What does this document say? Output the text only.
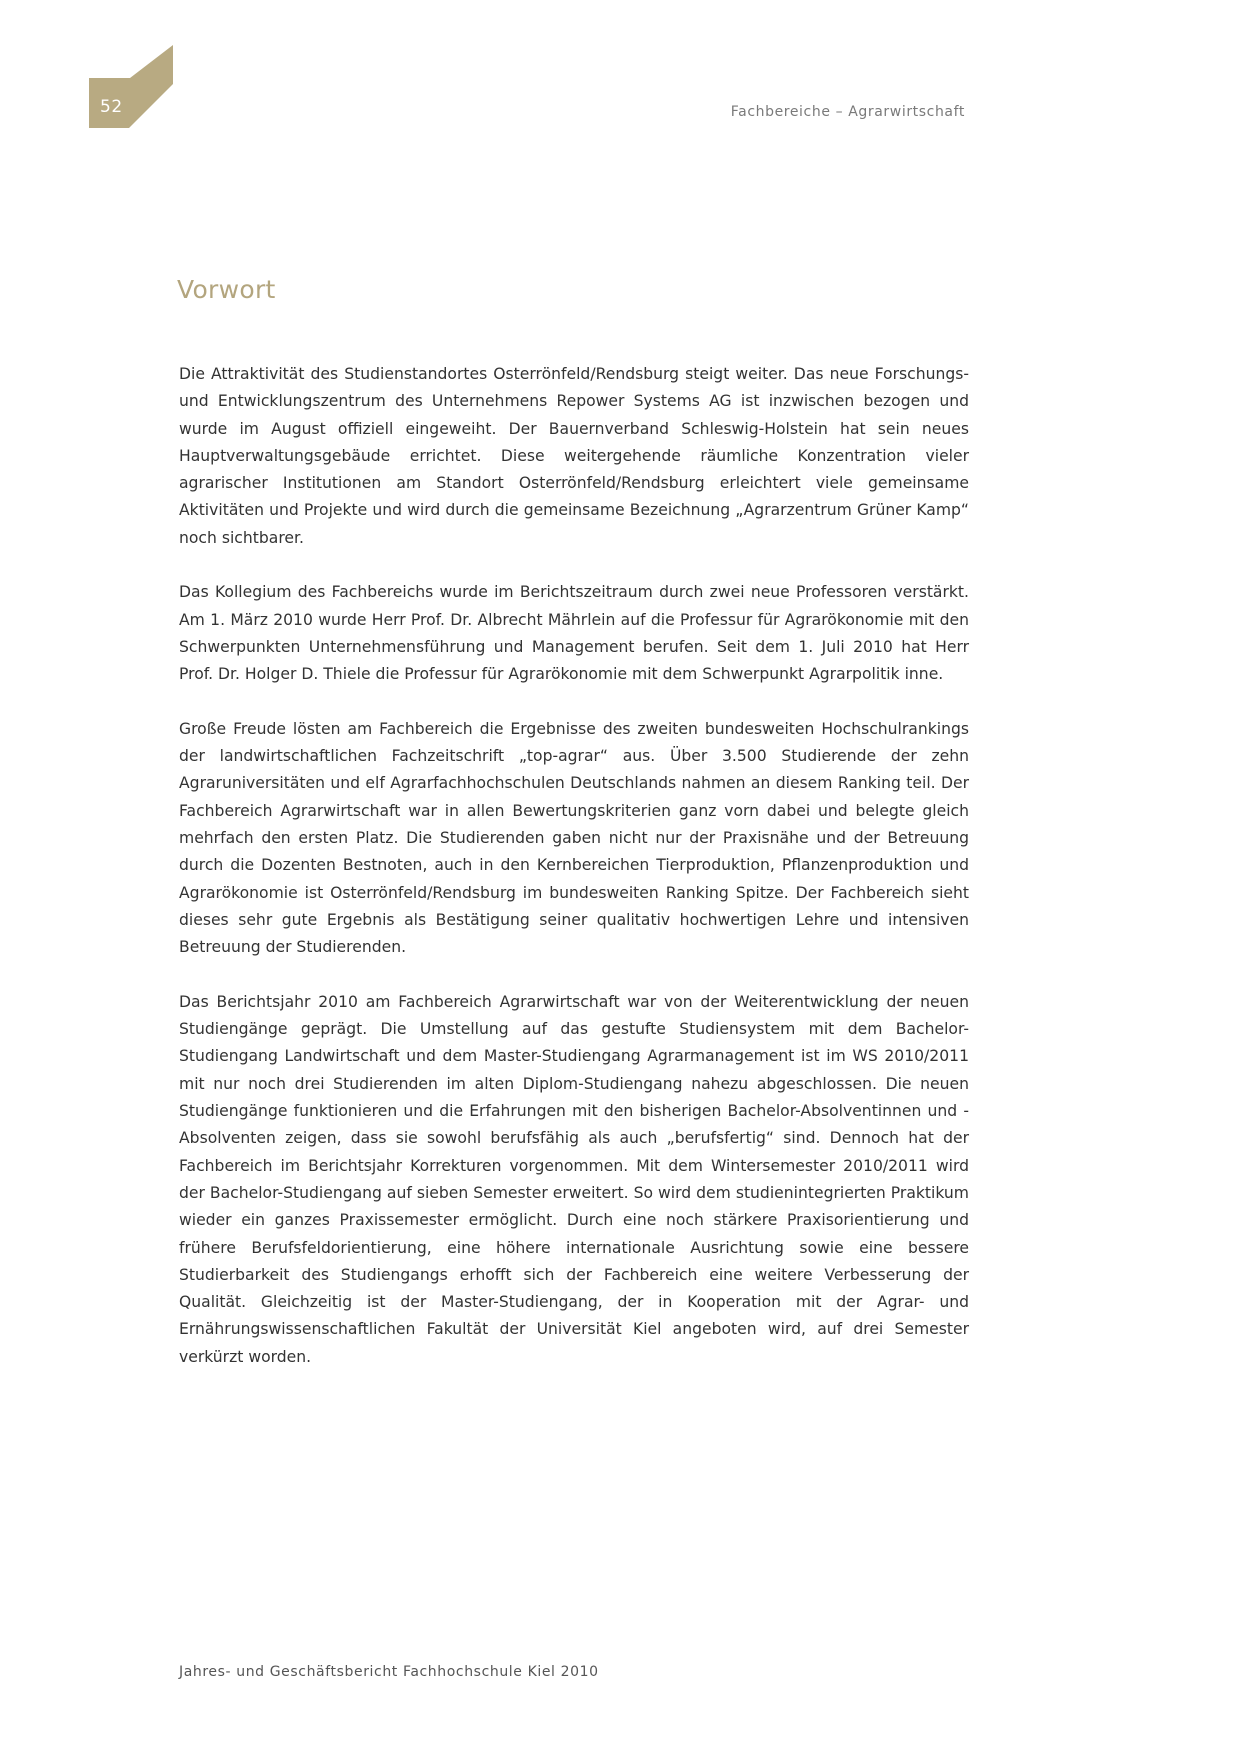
52	Fachbereiche – Agrarwirtschaft
Vorwort

Die Attraktivität des Studienstandortes Osterrönfeld/Rendsburg steigt weiter. Das neue Forschungs- und Entwicklungszentrum des Unternehmens Repower Systems AG ist inzwischen bezogen und wurde im August offiziell eingeweiht. Der Bauernverband Schleswig-Holstein hat sein neues Hauptverwaltungsgebäude errichtet. Diese weitergehende räumliche Konzentration vieler agrarischer Institutionen am Standort Osterrönfeld/Rendsburg erleichtert viele gemeinsame Aktivitäten und Projekte und wird durch die gemeinsame Bezeichnung „Agrarzentrum Grüner Kamp“ noch sichtbarer.

Das Kollegium des Fachbereichs wurde im Berichtszeitraum durch zwei neue Professoren verstärkt. Am 1. März 2010 wurde Herr Prof. Dr. Albrecht Mährlein auf die Professur für Agrarökonomie mit den Schwerpunkten Unternehmensführung und Management berufen. Seit dem 1. Juli 2010 hat Herr Prof. Dr. Holger D. Thiele die Professur für Agrarökonomie mit dem Schwerpunkt Agrarpolitik inne.

Große Freude lösten am Fachbereich die Ergebnisse des zweiten bundesweiten Hochschulrankings der landwirtschaftlichen Fachzeitschrift „top-agrar“ aus. Über 3.500 Studierende der zehn Agraruniversitäten und elf Agrarfachhochschulen Deutschlands nahmen an diesem Ranking teil. Der Fachbereich Agrarwirtschaft war in allen Bewertungskriterien ganz vorn dabei und belegte gleich mehrfach den ersten Platz. Die Studierenden gaben nicht nur der Praxisnähe und der Betreuung durch die Dozenten Bestnoten, auch in den Kernbereichen Tierproduktion, Pflanzenproduktion und Agrarökonomie ist Osterrönfeld/Rendsburg im bundesweiten Ranking Spitze. Der Fachbereich sieht dieses sehr gute Ergebnis als Bestätigung seiner qualitativ hochwertigen Lehre und intensiven Betreuung der Studierenden.

Das Berichtsjahr 2010 am Fachbereich Agrarwirtschaft war von der Weiterentwicklung der neuen Studiengänge geprägt. Die Umstellung auf das gestufte Studiensystem mit dem Bachelor-Studiengang Landwirtschaft und dem Master-Studiengang Agrarmanagement ist im WS 2010/2011 mit nur noch drei Studierenden im alten Diplom-Studiengang nahezu abgeschlossen. Die neuen Studiengänge funktionieren und die Erfahrungen mit den bisherigen Bachelor-Absolventinnen und -Absolventen zeigen, dass sie sowohl berufsfähig als auch „berufsfertig“ sind. Dennoch hat der Fachbereich im Berichtsjahr Korrekturen vorgenommen. Mit dem Wintersemester 2010/2011 wird der Bachelor-Studiengang auf sieben Semester erweitert. So wird dem studienintegrierten Praktikum wieder ein ganzes Praxissemester ermöglicht. Durch eine noch stärkere Praxisorientierung und frühere Berufsfeldorientierung, eine höhere internationale Ausrichtung sowie eine bessere Studierbarkeit des Studiengangs erhofft sich der Fachbereich eine weitere Verbesserung der Qualität. Gleichzeitig ist der Master-Studiengang, der in Kooperation mit der Agrar- und Ernährungswissenschaftlichen Fakultät der Universität Kiel angeboten wird, auf drei Semester verkürzt worden.

Jahres- und Geschäftsbericht Fachhochschule Kiel 2010
